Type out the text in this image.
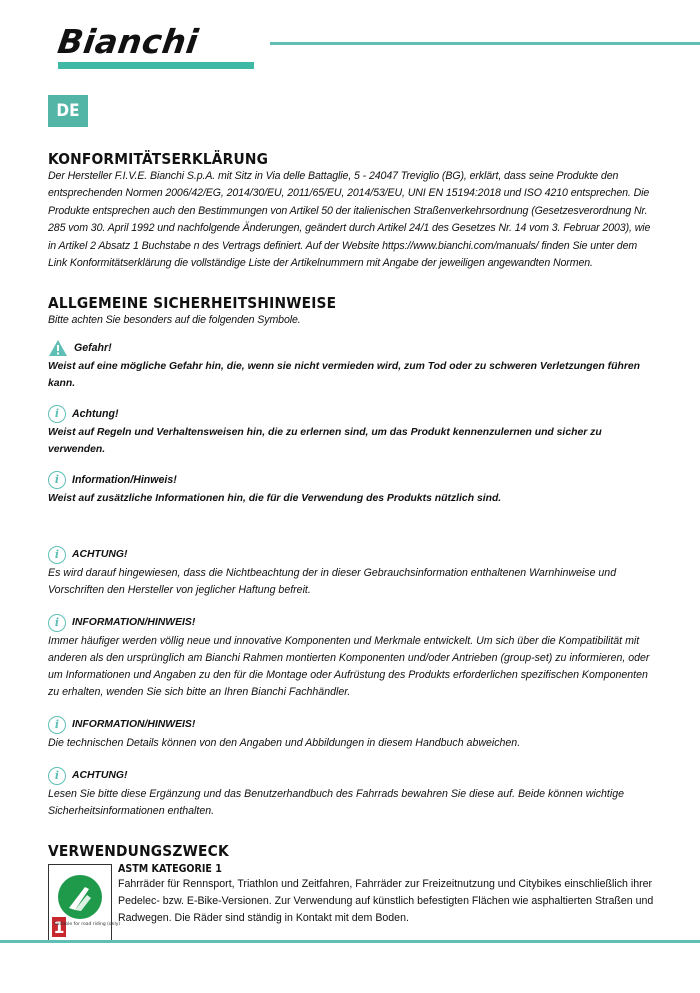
Bianchi
DE
KONFORMITÄTSERKLÄRUNG

Der Hersteller F.I.V.E. Bianchi S.p.A. mit Sitz in Via delle Battaglie, 5 - 24047 Treviglio (BG), erklärt, dass seine Produkte den entsprechenden Normen 2006/42/EG, 2014/30/EU, 2011/65/EU, 2014/53/EU, UNI EN 15194:2018 und ISO 4210 entsprechen. Die Produkte entsprechen auch den Bestimmungen von Artikel 50 der italienischen Straßenverkehrsordnung (Gesetzesverordnung Nr. 285 vom 30. April 1992 und nachfolgende Änderungen, geändert durch Artikel 24/1 des Gesetzes Nr. 14 vom 3. Februar 2003), wie in Artikel 2 Absatz 1 Buchstabe n des Vertrags definiert. Auf der Website https://www.bianchi.com/manuals/ finden Sie unter dem Link Konformitätserklärung die vollständige Liste der Artikelnummern mit Angabe der jeweiligen angewandten Normen.

ALLGEMEINE SICHERHEITSHINWEISE

Bitte achten Sie besonders auf die folgenden Symbole.

Gefahr!
Weist auf eine mögliche Gefahr hin, die, wenn sie nicht vermieden wird, zum Tod oder zu schweren Verletzungen führen kann.
i	Achtung!
Weist auf Regeln und Verhaltensweisen hin, die zu erlernen sind, um das Produkt kennenzulernen und sicher zu verwenden.
i	Information/Hinweis!
Weist auf zusätzliche Informationen hin, die für die Verwendung des Produkts nützlich sind.
i	ACHTUNG!

Es wird darauf hingewiesen, dass die Nichtbeachtung der in dieser Gebrauchsinformation enthaltenen Warnhinweise und Vorschriften den Hersteller von jeglicher Haftung befreit.

i	INFORMATION/HINWEIS!

Immer häufiger werden völlig neue und innovative Komponenten und Merkmale entwickelt. Um sich über die Kompatibilität mit anderen als den ursprünglich am Bianchi Rahmen montierten Komponenten und/oder Antrieben (group-set) zu informieren, oder um Informationen und Angaben zu den für die Montage oder Aufrüstung des Produkts erforderlichen spezifischen Komponenten zu erhalten, wenden Sie sich bitte an Ihren Bianchi Fachhändler.

i	INFORMATION/HINWEIS!

Die technischen Details können von den Angaben und Abbildungen in diesem Handbuch abweichen.

i	ACHTUNG!

Lesen Sie bitte diese Ergänzung und das Benutzerhandbuch des Fahrrads bewahren Sie diese auf. Beide können wichtige Sicherheitsinformationen enthalten.

VERWENDUNGSZWECK
1
Suitable for road riding (only)
ASTM KATEGORIE 1

Fahrräder für Rennsport, Triathlon und Zeitfahren, Fahrräder zur Freizeitnutzung und Citybikes einschließlich ihrer Pedelec- bzw. E-Bike-Versionen. Zur Verwendung auf künstlich befestigten Flächen wie asphaltierten Straßen und Radwegen. Die Räder sind ständig in Kontakt mit dem Boden.
